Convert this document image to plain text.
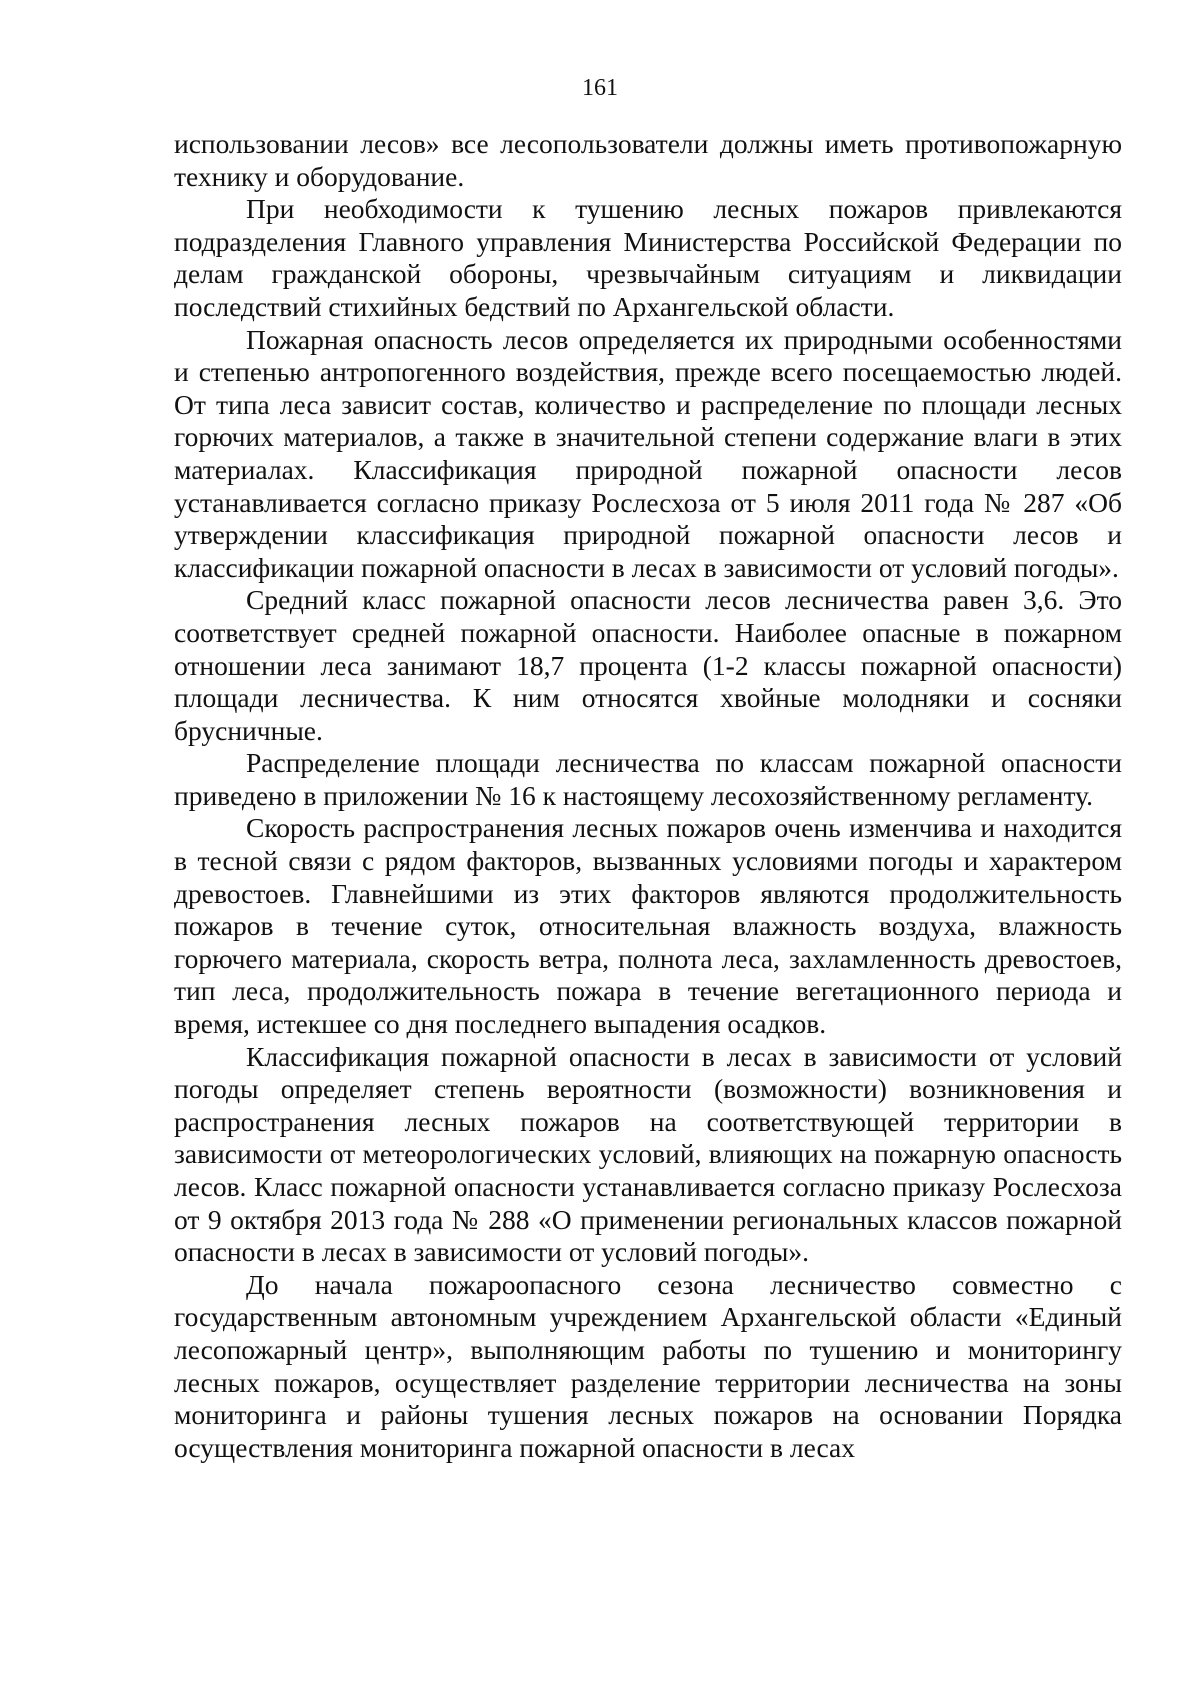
161

использовании лесов» все лесопользователи должны иметь противопожарную технику и оборудование.

При необходимости к тушению лесных пожаров привлекаются подразделения Главного управления Министерства Российской Федерации по делам гражданской обороны, чрезвычайным ситуациям и ликвидации последствий стихийных бедствий по Архангельской области.

Пожарная опасность лесов определяется их природными особенностями и степенью антропогенного воздействия, прежде всего посещаемостью людей. От типа леса зависит состав, количество и распределение по площади лесных горючих материалов, а также в значительной степени содержание влаги в этих материалах. Классификация природной пожарной опасности лесов устанавливается согласно приказу Рослесхоза от 5 июля 2011 года № 287 «Об утверждении классификация природной пожарной опасности лесов и классификации пожарной опасности в лесах в зависимости от условий погоды».

Средний класс пожарной опасности лесов лесничества равен 3,6. Это соответствует средней пожарной опасности. Наиболее опасные в пожарном отношении леса занимают 18,7 процента (1-2 классы пожарной опасности) площади лесничества. К ним относятся хвойные молодняки и сосняки брусничные.

Распределение площади лесничества по классам пожарной опасности приведено в приложении № 16 к настоящему лесохозяйственному регламенту.

Скорость распространения лесных пожаров очень изменчива и находится в тесной связи с рядом факторов, вызванных условиями погоды и характером древостоев. Главнейшими из этих факторов являются продолжительность пожаров в течение суток, относительная влажность воздуха, влажность горючего материала, скорость ветра, полнота леса, захламленность древостоев, тип леса, продолжительность пожара в течение вегетационного периода и время, истекшее со дня последнего выпадения осадков.

Классификация пожарной опасности в лесах в зависимости от условий погоды определяет степень вероятности (возможности) возникновения и распространения лесных пожаров на соответствующей территории в зависимости от метеорологических условий, влияющих на пожарную опасность лесов. Класс пожарной опасности устанавливается согласно приказу Рослесхоза от 9 октября 2013 года № 288 «О применении региональных классов пожарной опасности в лесах в зависимости от условий погоды».

До начала пожароопасного сезона лесничество совместно с государственным автономным учреждением Архангельской области «Единый лесопожарный центр», выполняющим работы по тушению и мониторингу лесных пожаров, осуществляет разделение территории лесничества на зоны мониторинга и районы тушения лесных пожаров на основании Порядка осуществления мониторинга пожарной опасности в лесах
